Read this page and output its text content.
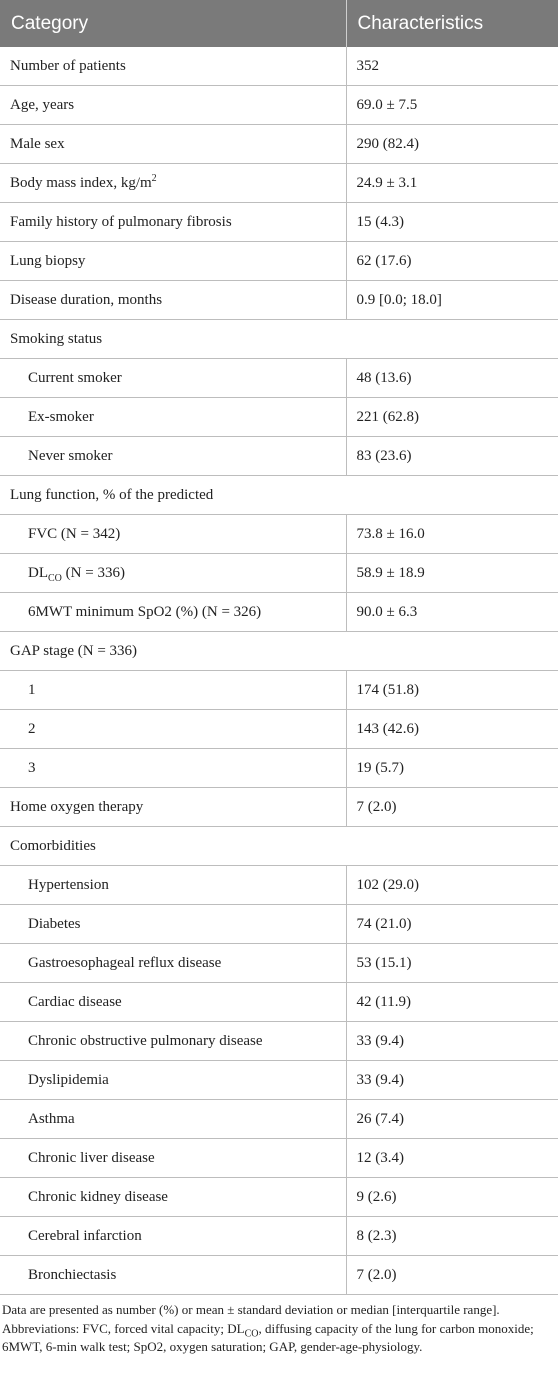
Category	Characteristics
Number of patients	352
Age, years	69.0 ± 7.5
Male sex	290 (82.4)
Body mass index, $kg/m^2$	24.9 ± 3.1
Family history of pulmonary fibrosis	15 (4.3)
Lung biopsy	62 (17.6)
Disease duration, months	0.9 [0.0; 18.0]
Smoking status	
Current smoker	48 (13.6)
Ex-smoker	221 (62.8)
Never smoker	83 (23.6)
Lung function, % of the predicted	
FVC (N = 342)	73.8 ± 16.0
$DL_{CO}$ (N = 336)	58.9 ± 18.9
6MWT minimum SpO2 (%) (N = 326)	90.0 ± 6.3
GAP stage (N = 336)	
1	174 (51.8)
2	143 (42.6)
3	19 (5.7)
Home oxygen therapy	7 (2.0)
Comorbidities	
Hypertension	102 (29.0)
Diabetes	74 (21.0)
Gastroesophageal reflux disease	53 (15.1)
Cardiac disease	42 (11.9)
Chronic obstructive pulmonary disease	33 (9.4)
Dyslipidemia	33 (9.4)
Asthma	26 (7.4)
Chronic liver disease	12 (3.4)
Chronic kidney disease	9 (2.6)
Cerebral infarction	8 (2.3)
Bronchiectasis	7 (2.0)

Data are presented as number (%) or mean ± standard deviation or median [interquartile range].

Abbreviations: FVC, forced vital capacity; $DL_{CO}$, diffusing capacity of the lung for carbon monoxide; 6MWT, 6-min walk test; SpO2, oxygen saturation; GAP, gender-age-physiology.
